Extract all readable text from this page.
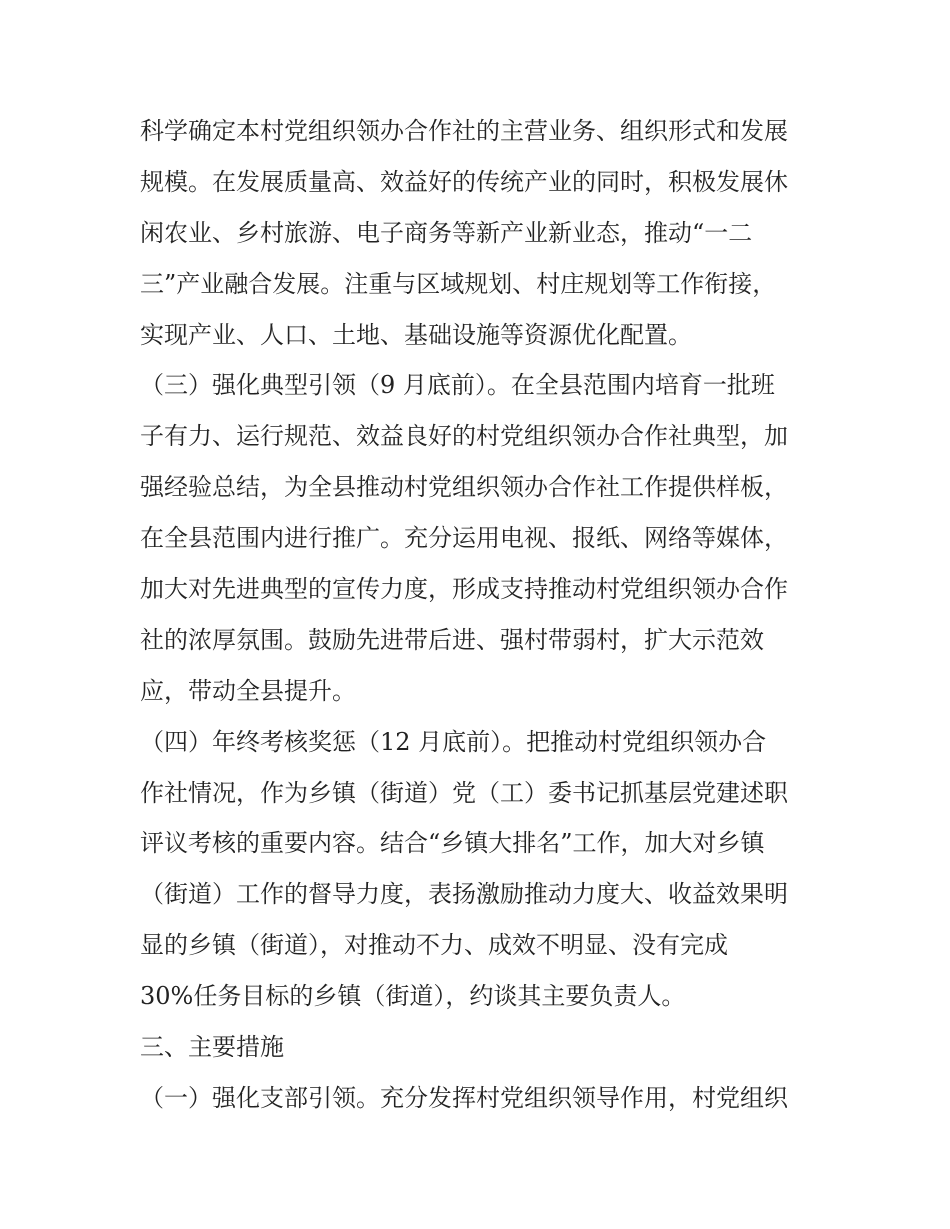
科学确定本村党组织领办合作社的主营业务、组织形式和发展
规模。在发展质量高、效益好的传统产业的同时，积极发展休
闲农业、乡村旅游、电子商务等新产业新业态，推动“一二
三”产业融合发展。注重与区域规划、村庄规划等工作衔接，
实现产业、人口、土地、基础设施等资源优化配置。
（三）强化典型引领（9 月底前）。在全县范围内培育一批班
子有力、运行规范、效益良好的村党组织领办合作社典型，加
强经验总结，为全县推动村党组织领办合作社工作提供样板，
在全县范围内进行推广。充分运用电视、报纸、网络等媒体，
加大对先进典型的宣传力度，形成支持推动村党组织领办合作
社的浓厚氛围。鼓励先进带后进、强村带弱村，扩大示范效
应，带动全县提升。
（四）年终考核奖惩（12 月底前）。把推动村党组织领办合
作社情况，作为乡镇（街道）党（工）委书记抓基层党建述职
评议考核的重要内容。结合“乡镇大排名”工作，加大对乡镇
（街道）工作的督导力度，表扬激励推动力度大、收益效果明
显的乡镇（街道），对推动不力、成效不明显、没有完成
30%任务目标的乡镇（街道），约谈其主要负责人。
三、主要措施
（一）强化支部引领。充分发挥村党组织领导作用，村党组织
